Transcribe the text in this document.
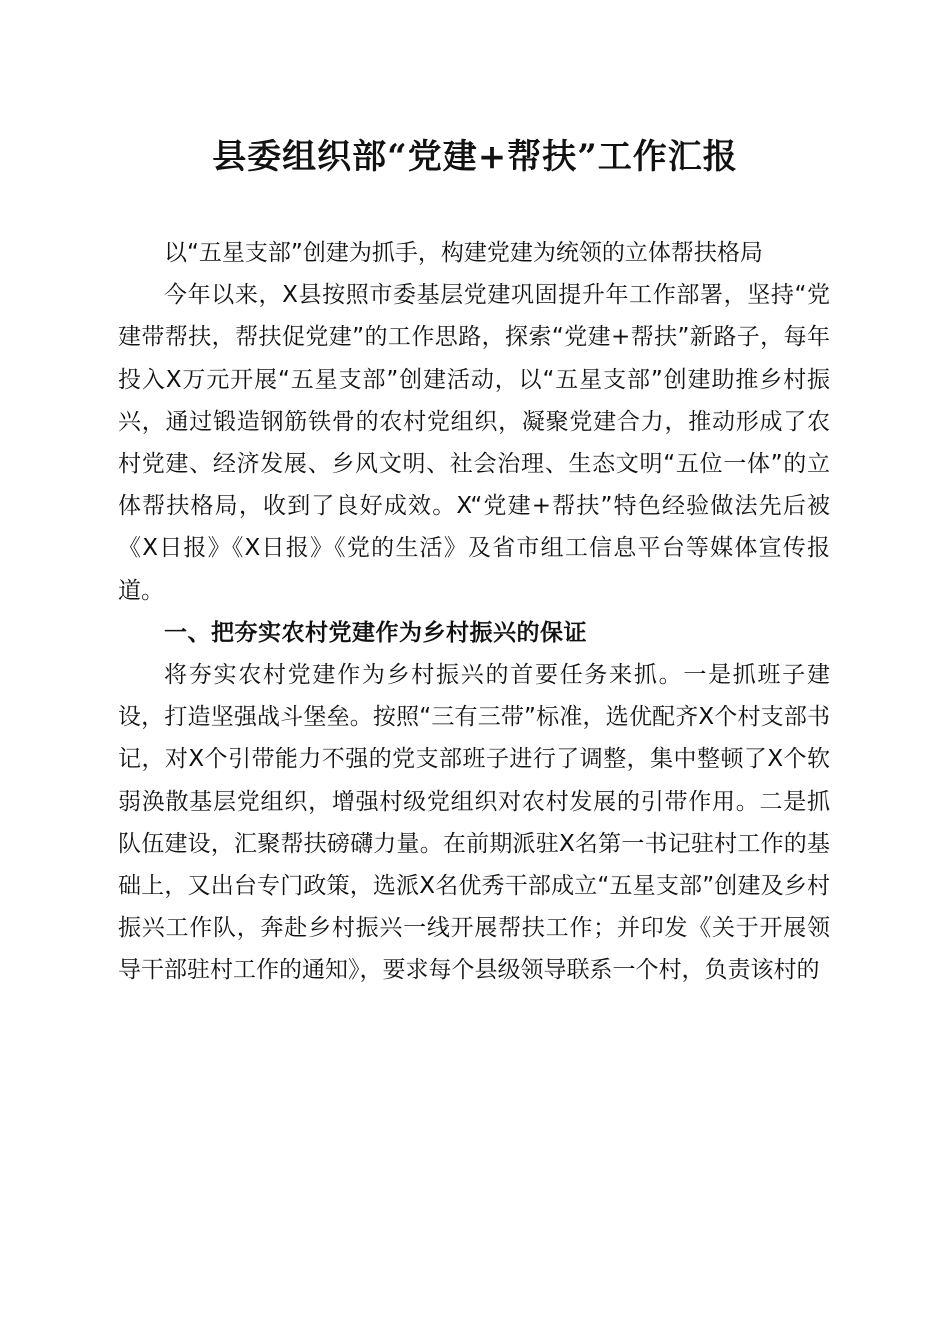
县委组织部“党建+帮扶”工作汇报

以“五星支部”创建为抓手，构建党建为统领的立体帮扶格局

今年以来，X县按照市委基层党建巩固提升年工作部署，坚持“党建带帮扶，帮扶促党建”的工作思路，探索“党建+帮扶”新路子，每年投入X万元开展“五星支部”创建活动，以“五星支部”创建助推乡村振兴，通过锻造钢筋铁骨的农村党组织，凝聚党建合力，推动形成了农村党建、经济发展、乡风文明、社会治理、生态文明“五位一体”的立体帮扶格局，收到了良好成效。X“党建+帮扶”特色经验做法先后被《X日报》《X日报》《党的生活》及省市组工信息平台等媒体宣传报道。

一、把夯实农村党建作为乡村振兴的保证

将夯实农村党建作为乡村振兴的首要任务来抓。一是抓班子建设，打造坚强战斗堡垒。按照“三有三带”标准，选优配齐X个村支部书记，对X个引带能力不强的党支部班子进行了调整，集中整顿了X个软弱涣散基层党组织，增强村级党组织对农村发展的引带作用。二是抓队伍建设，汇聚帮扶磅礴力量。在前期派驻X名第一书记驻村工作的基础上，又出台专门政策，选派X名优秀干部成立“五星支部”创建及乡村振兴工作队，奔赴乡村振兴一线开展帮扶工作；并印发《关于开展领导干部驻村工作的通知》，要求每个县级领导联系一个村，负责该村的
